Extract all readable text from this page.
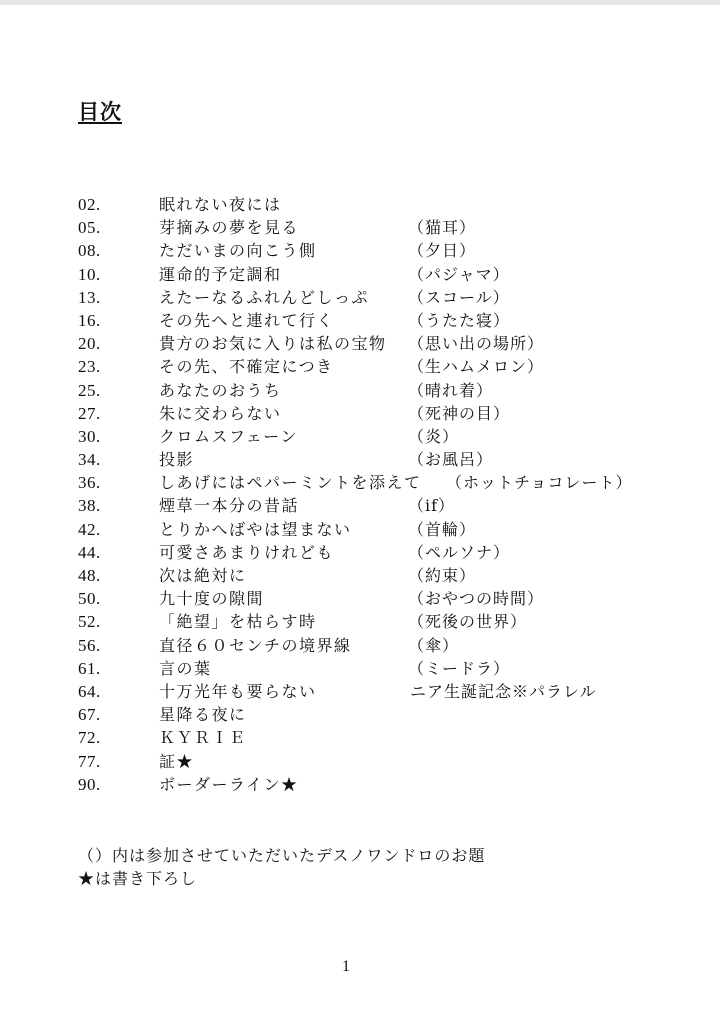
目次
02.	眠れない夜には
05.	芽摘みの夢を見る	（猫耳）
08.	ただいまの向こう側	（夕日）
10.	運命的予定調和	（パジャマ）
13.	えたーなるふれんどしっぷ （スコール）
16.	その先へと連れて行く	（うたた寝）
20.	貴方のお気に入りは私の宝物 （思い出の場所）
23.	その先、不確定につき	（生ハムメロン）
25.	あなたのおうち	（晴れ着）
27.	朱に交わらない	（死神の目）
30.	クロムスフェーン	（炎）
34.	投影	（お風呂）
36.	しあげにはペパーミントを添えて （ホットチョコレート）
38.	煙草一本分の昔話	（if）
42.	とりかへばやは望まない	（首輪）
44.	可愛さあまりけれども	（ペルソナ）
48.	次は絶対に	（約束）
50.	九十度の隙間	（おやつの時間）
52.	「絶望」を枯らす時	（死後の世界）
56.	直径６０センチの境界線	（傘）
61.	言の葉	（ミードラ）
64.	十万光年も要らない	ニア生誕記念※パラレル
67.	星降る夜に
72.	ＫＹＲＩＥ
77.	証★
90.	ボーダーライン★
（）内は参加させていただいたデスノワンドロのお題
★は書き下ろし
1
